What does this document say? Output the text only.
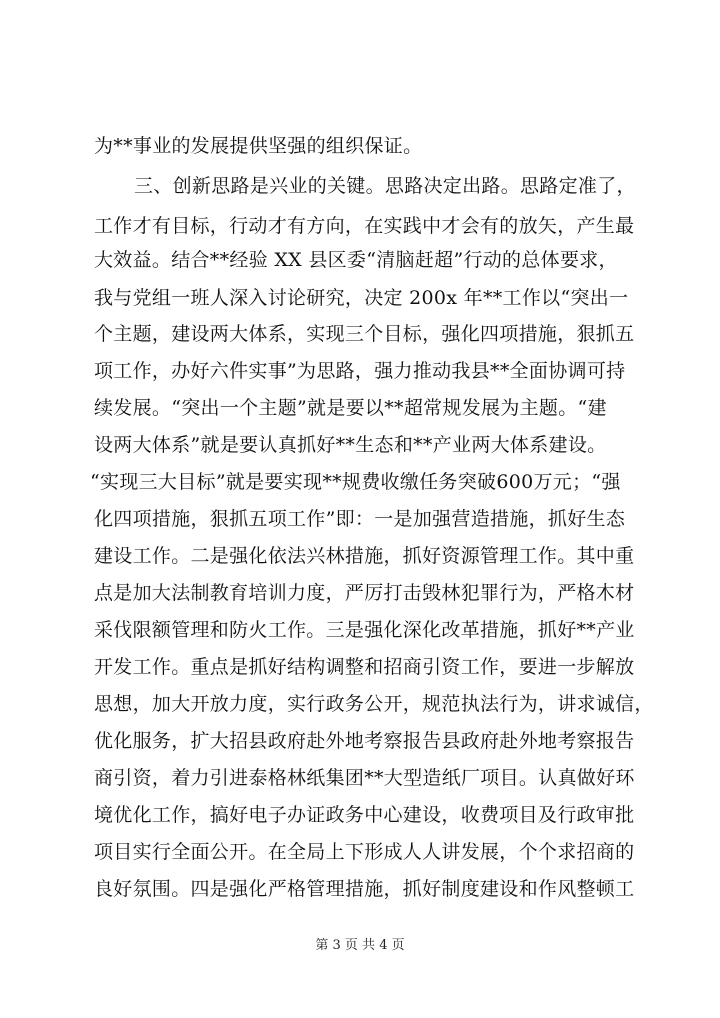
为**事业的发展提供坚强的组织保证。
三、创新思路是兴业的关键。思路决定出路。思路定准了，
工作才有目标，行动才有方向，在实践中才会有的放矢，产生最
大效益。结合**经验 XX 县区委“清脑赶超”行动的总体要求，
我与党组一班人深入讨论研究，决定 200x 年**工作以“突出一
个主题，建设两大体系，实现三个目标，强化四项措施，狠抓五
项工作，办好六件实事”为思路，强力推动我县**全面协调可持
续发展。“突出一个主题”就是要以**超常规发展为主题。“建
设两大体系”就是要认真抓好**生态和**产业两大体系建设。
“实现三大目标”就是要实现**规费收缴任务突破600万元；“强
化四项措施，狠抓五项工作”即：一是加强营造措施，抓好生态
建设工作。二是强化依法兴林措施，抓好资源管理工作。其中重
点是加大法制教育培训力度，严厉打击毁林犯罪行为，严格木材
采伐限额管理和防火工作。三是强化深化改革措施，抓好**产业
开发工作。重点是抓好结构调整和招商引资工作，要进一步解放
思想，加大开放力度，实行政务公开，规范执法行为，讲求诚信，
优化服务，扩大招县政府赴外地考察报告县政府赴外地考察报告
商引资，着力引进泰格林纸集团**大型造纸厂项目。认真做好环
境优化工作，搞好电子办证政务中心建设，收费项目及行政审批
项目实行全面公开。在全局上下形成人人讲发展，个个求招商的
良好氛围。四是强化严格管理措施，抓好制度建设和作风整顿工
第 3 页 共 4 页
